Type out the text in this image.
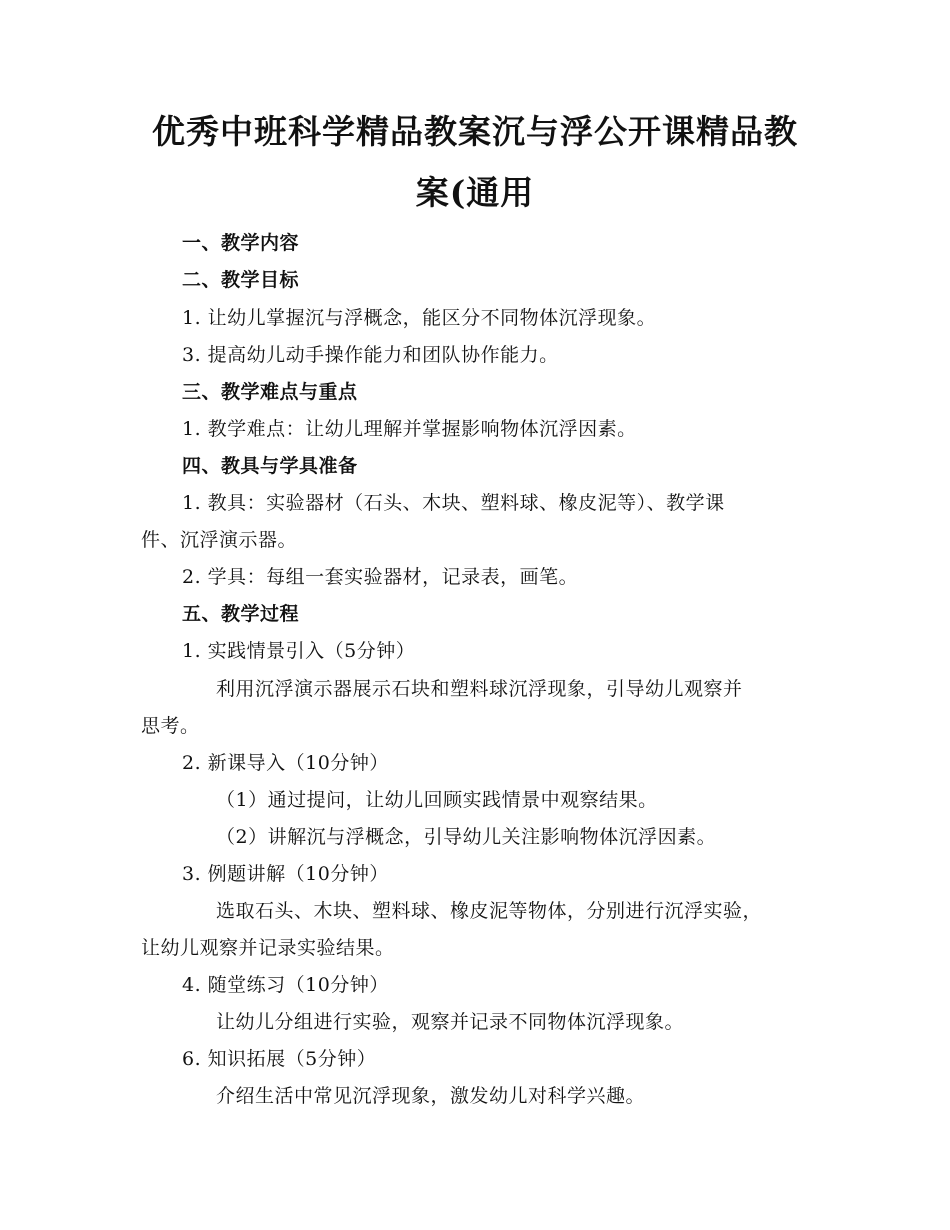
优秀中班科学精品教案沉与浮公开课精品教
案(通用
一、教学内容
二、教学目标
1. 让幼儿掌握沉与浮概念，能区分不同物体沉浮现象。
3. 提高幼儿动手操作能力和团队协作能力。
三、教学难点与重点
1. 教学难点：让幼儿理解并掌握影响物体沉浮因素。
四、教具与学具准备
1. 教具：实验器材（石头、木块、塑料球、橡皮泥等）、教学课
件、沉浮演示器。
2. 学具：每组一套实验器材，记录表，画笔。
五、教学过程
1. 实践情景引入（5分钟）
利用沉浮演示器展示石块和塑料球沉浮现象，引导幼儿观察并
思考。
2. 新课导入（10分钟）
（1）通过提问，让幼儿回顾实践情景中观察结果。
（2）讲解沉与浮概念，引导幼儿关注影响物体沉浮因素。
3. 例题讲解（10分钟）
选取石头、木块、塑料球、橡皮泥等物体，分别进行沉浮实验，
让幼儿观察并记录实验结果。
4. 随堂练习（10分钟）
让幼儿分组进行实验，观察并记录不同物体沉浮现象。
6. 知识拓展（5分钟）
介绍生活中常见沉浮现象，激发幼儿对科学兴趣。
